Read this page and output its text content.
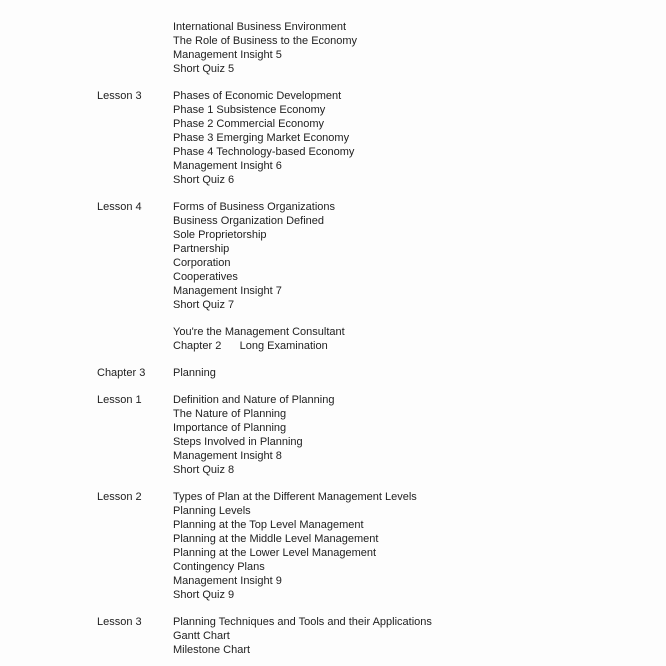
International Business Environment
The Role of Business to the Economy
Management Insight 5
Short Quiz 5
Lesson 3	Phases of Economic Development
Phase 1 Subsistence Economy
Phase 2 Commercial Economy
Phase 3 Emerging Market Economy
Phase 4 Technology-based Economy
Management Insight 6
Short Quiz 6
Lesson 4	Forms of Business Organizations
Business Organization Defined
Sole Proprietorship
Partnership
Corporation
Cooperatives
Management Insight 7
Short Quiz 7
You're the Management Consultant
Chapter 2      Long Examination
Chapter 3	Planning
Lesson 1	Definition and Nature of Planning
The Nature of Planning
Importance of Planning
Steps Involved in Planning
Management Insight 8
Short Quiz 8
Lesson 2	Types of Plan at the Different Management Levels
Planning Levels
Planning at the Top Level Management
Planning at the Middle Level Management
Planning at the Lower Level Management
Contingency Plans
Management Insight 9
Short Quiz 9
Lesson 3	Planning Techniques and Tools and their Applications
Gantt Chart
Milestone Chart
